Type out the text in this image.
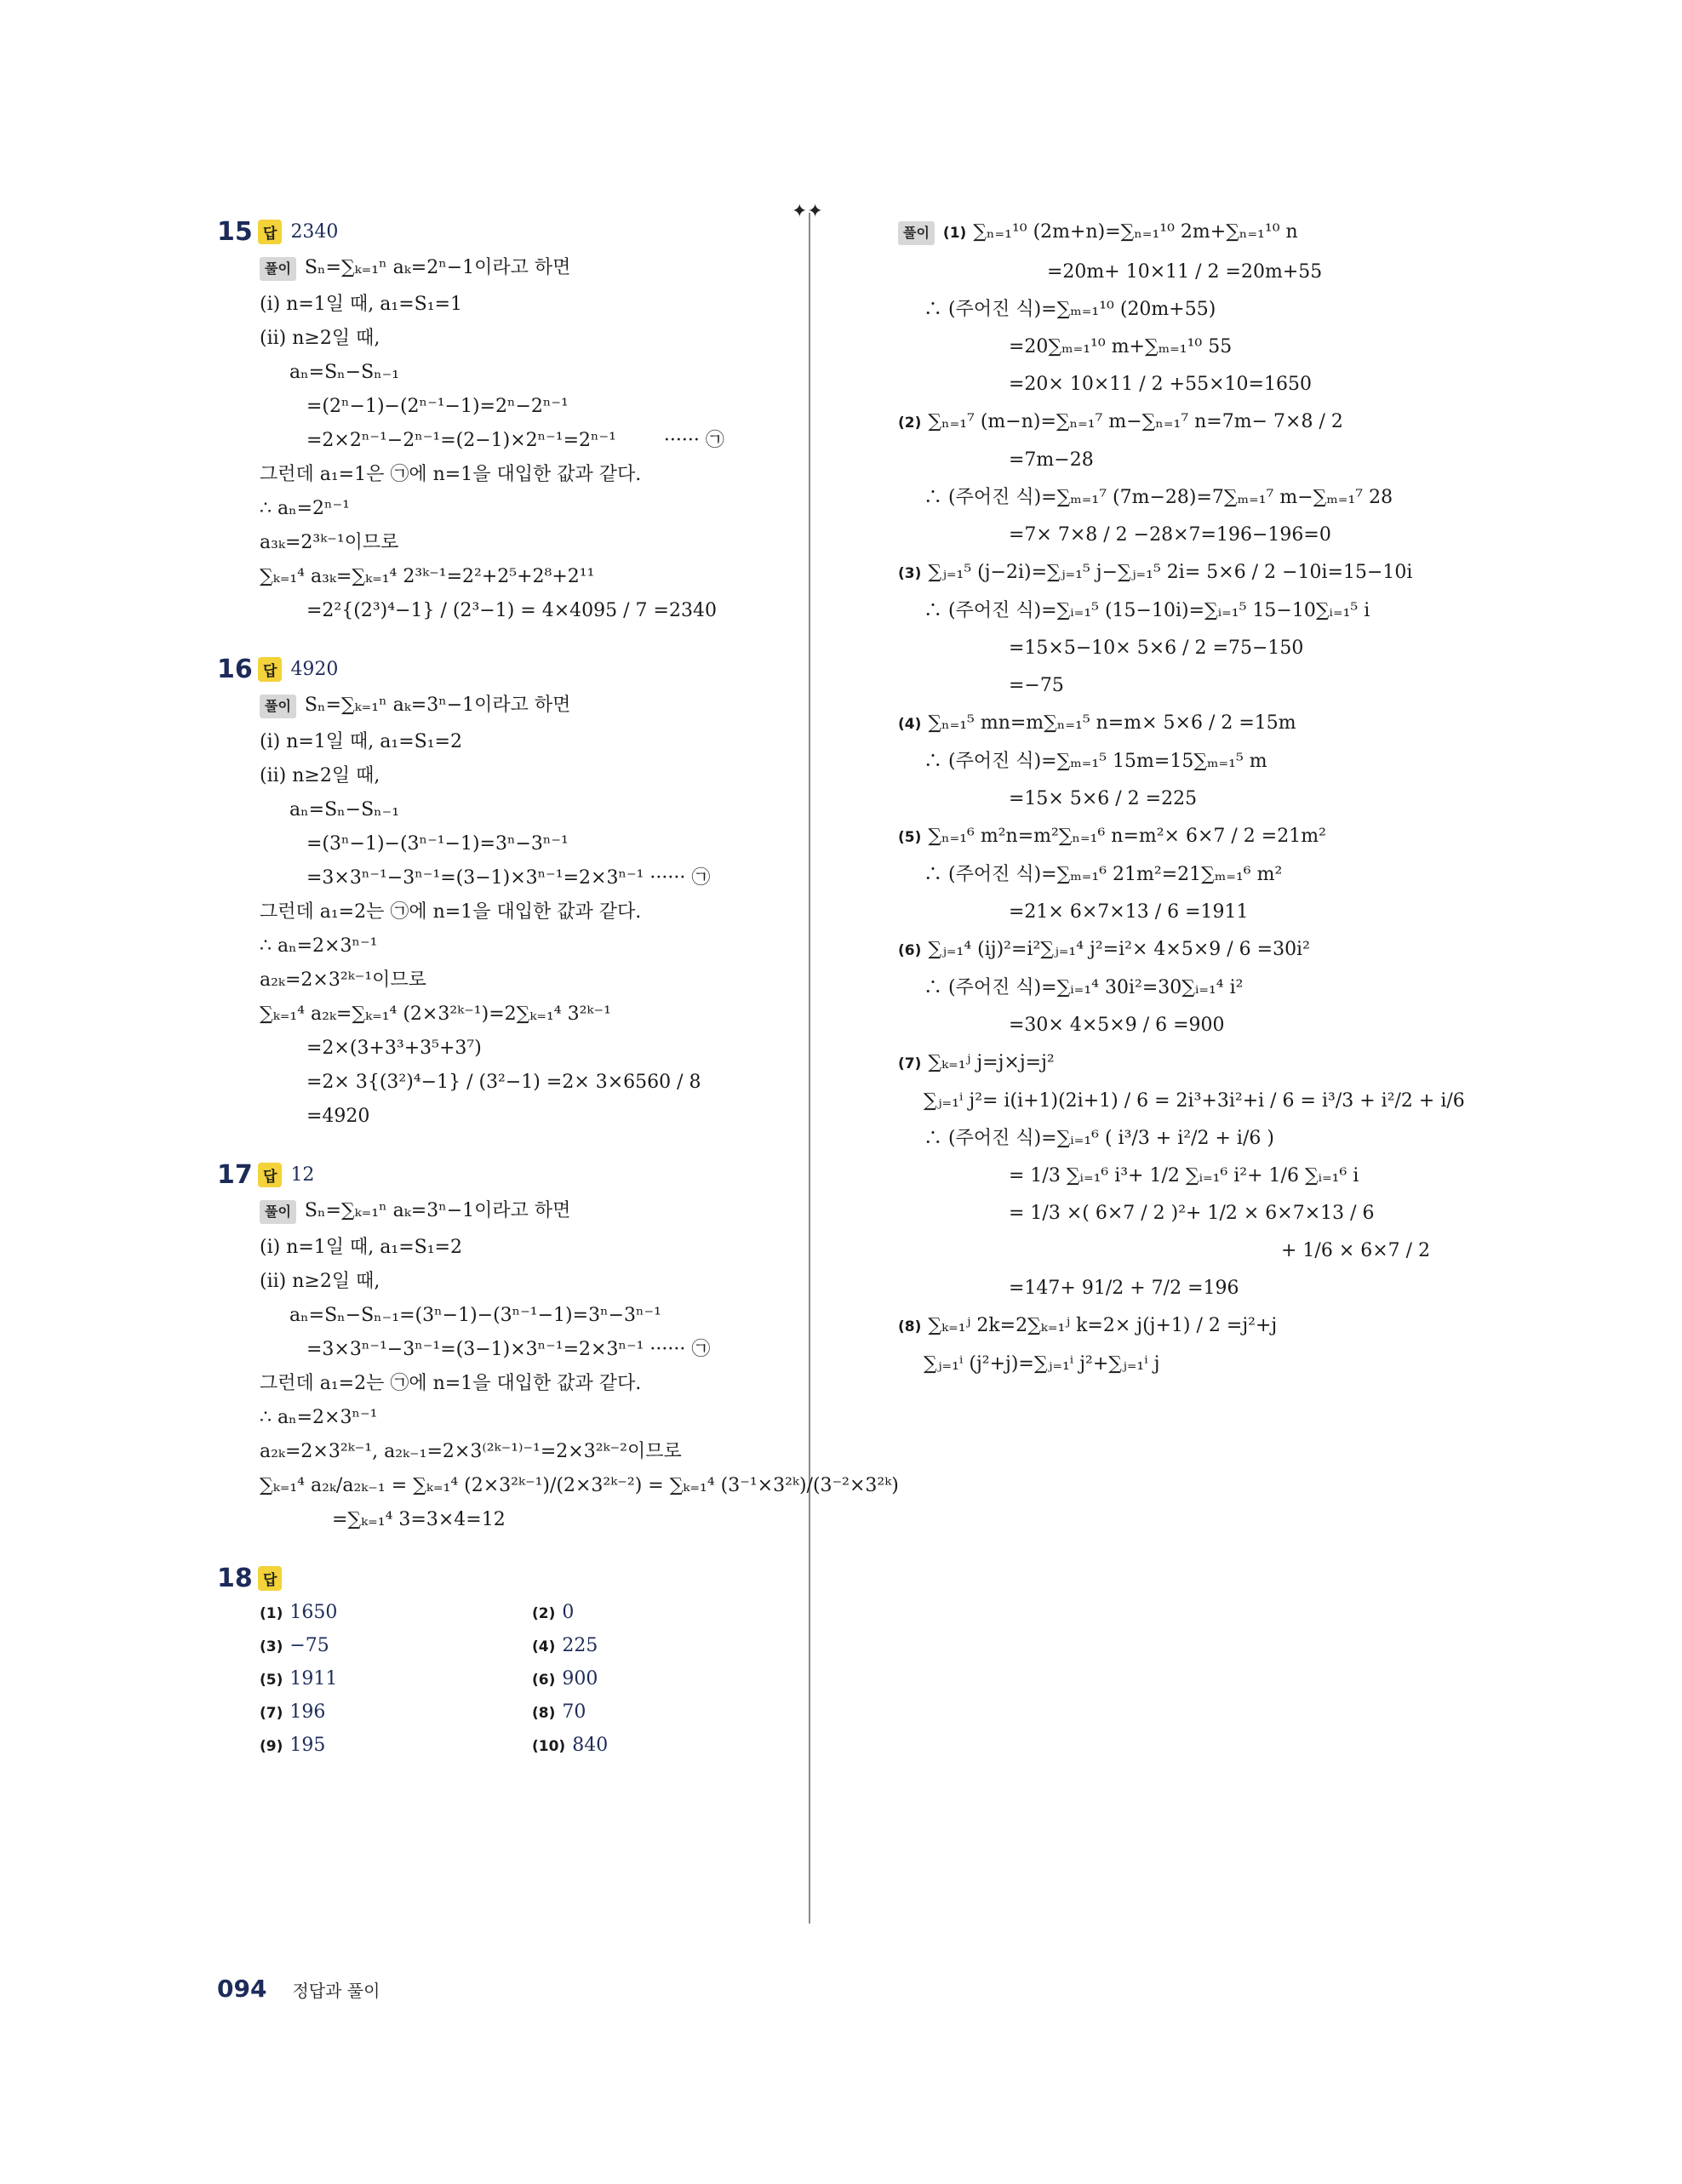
✦✦
15 답 2340
풀이 Sₙ=∑ₖ₌₁ⁿ aₖ=2ⁿ−1이라고 하면
(ⅰ) n=1일 때, a₁=S₁=1
(ⅱ) n≥2일 때,
aₙ=Sₙ−Sₙ₋₁
=(2ⁿ−1)−(2ⁿ⁻¹−1)=2ⁿ−2ⁿ⁻¹
=2×2ⁿ⁻¹−2ⁿ⁻¹=(2−1)×2ⁿ⁻¹=2ⁿ⁻¹        ······ ㉠
그런데 a₁=1은 ㉠에 n=1을 대입한 값과 같다.
∴ aₙ=2ⁿ⁻¹
a₃ₖ=2³ᵏ⁻¹이므로
∑ₖ₌₁⁴ a₃ₖ=∑ₖ₌₁⁴ 2³ᵏ⁻¹=2²+2⁵+2⁸+2¹¹
=2²{(2³)⁴−1} / (2³−1) = 4×4095 / 7 =2340
16 답 4920
풀이 Sₙ=∑ₖ₌₁ⁿ aₖ=3ⁿ−1이라고 하면
(ⅰ) n=1일 때, a₁=S₁=2
(ⅱ) n≥2일 때,
aₙ=Sₙ−Sₙ₋₁
=(3ⁿ−1)−(3ⁿ⁻¹−1)=3ⁿ−3ⁿ⁻¹
=3×3ⁿ⁻¹−3ⁿ⁻¹=(3−1)×3ⁿ⁻¹=2×3ⁿ⁻¹ ······ ㉠
그런데 a₁=2는 ㉠에 n=1을 대입한 값과 같다.
∴ aₙ=2×3ⁿ⁻¹
a₂ₖ=2×3²ᵏ⁻¹이므로
∑ₖ₌₁⁴ a₂ₖ=∑ₖ₌₁⁴ (2×3²ᵏ⁻¹)=2∑ₖ₌₁⁴ 3²ᵏ⁻¹
=2×(3+3³+3⁵+3⁷)
=2× 3{(3²)⁴−1} / (3²−1) =2× 3×6560 / 8
=4920
17 답 12
풀이 Sₙ=∑ₖ₌₁ⁿ aₖ=3ⁿ−1이라고 하면
(ⅰ) n=1일 때, a₁=S₁=2
(ⅱ) n≥2일 때,
aₙ=Sₙ−Sₙ₋₁=(3ⁿ−1)−(3ⁿ⁻¹−1)=3ⁿ−3ⁿ⁻¹
=3×3ⁿ⁻¹−3ⁿ⁻¹=(3−1)×3ⁿ⁻¹=2×3ⁿ⁻¹ ······ ㉠
그런데 a₁=2는 ㉠에 n=1을 대입한 값과 같다.
∴ aₙ=2×3ⁿ⁻¹
a₂ₖ=2×3²ᵏ⁻¹, a₂ₖ₋₁=2×3⁽²ᵏ⁻¹⁾⁻¹=2×3²ᵏ⁻²이므로
∑ₖ₌₁⁴ a₂ₖ/a₂ₖ₋₁ = ∑ₖ₌₁⁴ (2×3²ᵏ⁻¹)/(2×3²ᵏ⁻²) = ∑ₖ₌₁⁴ (3⁻¹×3²ᵏ)/(3⁻²×3²ᵏ)
=∑ₖ₌₁⁴ 3=3×4=12
18 답
(1) 1650	(2) 0
(3) −75	(4) 225
(5) 1911	(6) 900
(7) 196	(8) 70
(9) 195	(10) 840
풀이 (1) ∑ₙ₌₁¹⁰ (2m+n)=∑ₙ₌₁¹⁰ 2m+∑ₙ₌₁¹⁰ n
=20m+ 10×11 / 2 =20m+55
∴ (주어진 식)=∑ₘ₌₁¹⁰ (20m+55)
=20∑ₘ₌₁¹⁰ m+∑ₘ₌₁¹⁰ 55
=20× 10×11 / 2 +55×10=1650
(2) ∑ₙ₌₁⁷ (m−n)=∑ₙ₌₁⁷ m−∑ₙ₌₁⁷ n=7m− 7×8 / 2
=7m−28
∴ (주어진 식)=∑ₘ₌₁⁷ (7m−28)=7∑ₘ₌₁⁷ m−∑ₘ₌₁⁷ 28
=7× 7×8 / 2 −28×7=196−196=0
(3) ∑ⱼ₌₁⁵ (j−2i)=∑ⱼ₌₁⁵ j−∑ⱼ₌₁⁵ 2i= 5×6 / 2 −10i=15−10i
∴ (주어진 식)=∑ᵢ₌₁⁵ (15−10i)=∑ᵢ₌₁⁵ 15−10∑ᵢ₌₁⁵ i
=15×5−10× 5×6 / 2 =75−150
=−75
(4) ∑ₙ₌₁⁵ mn=m∑ₙ₌₁⁵ n=m× 5×6 / 2 =15m
∴ (주어진 식)=∑ₘ₌₁⁵ 15m=15∑ₘ₌₁⁵ m
=15× 5×6 / 2 =225
(5) ∑ₙ₌₁⁶ m²n=m²∑ₙ₌₁⁶ n=m²× 6×7 / 2 =21m²
∴ (주어진 식)=∑ₘ₌₁⁶ 21m²=21∑ₘ₌₁⁶ m²
=21× 6×7×13 / 6 =1911
(6) ∑ⱼ₌₁⁴ (ij)²=i²∑ⱼ₌₁⁴ j²=i²× 4×5×9 / 6 =30i²
∴ (주어진 식)=∑ᵢ₌₁⁴ 30i²=30∑ᵢ₌₁⁴ i²
=30× 4×5×9 / 6 =900
(7) ∑ₖ₌₁ʲ j=j×j=j²
∑ⱼ₌₁ⁱ j²= i(i+1)(2i+1) / 6 = 2i³+3i²+i / 6 = i³/3 + i²/2 + i/6
∴ (주어진 식)=∑ᵢ₌₁⁶ ( i³/3 + i²/2 + i/6 )
= 1/3 ∑ᵢ₌₁⁶ i³+ 1/2 ∑ᵢ₌₁⁶ i²+ 1/6 ∑ᵢ₌₁⁶ i
= 1/3 ×( 6×7 / 2 )²+ 1/2 × 6×7×13 / 6
+ 1/6 × 6×7 / 2
=147+ 91/2 + 7/2 =196
(8) ∑ₖ₌₁ʲ 2k=2∑ₖ₌₁ʲ k=2× j(j+1) / 2 =j²+j
∑ⱼ₌₁ⁱ (j²+j)=∑ⱼ₌₁ⁱ j²+∑ⱼ₌₁ⁱ j
094 정답과 풀이
